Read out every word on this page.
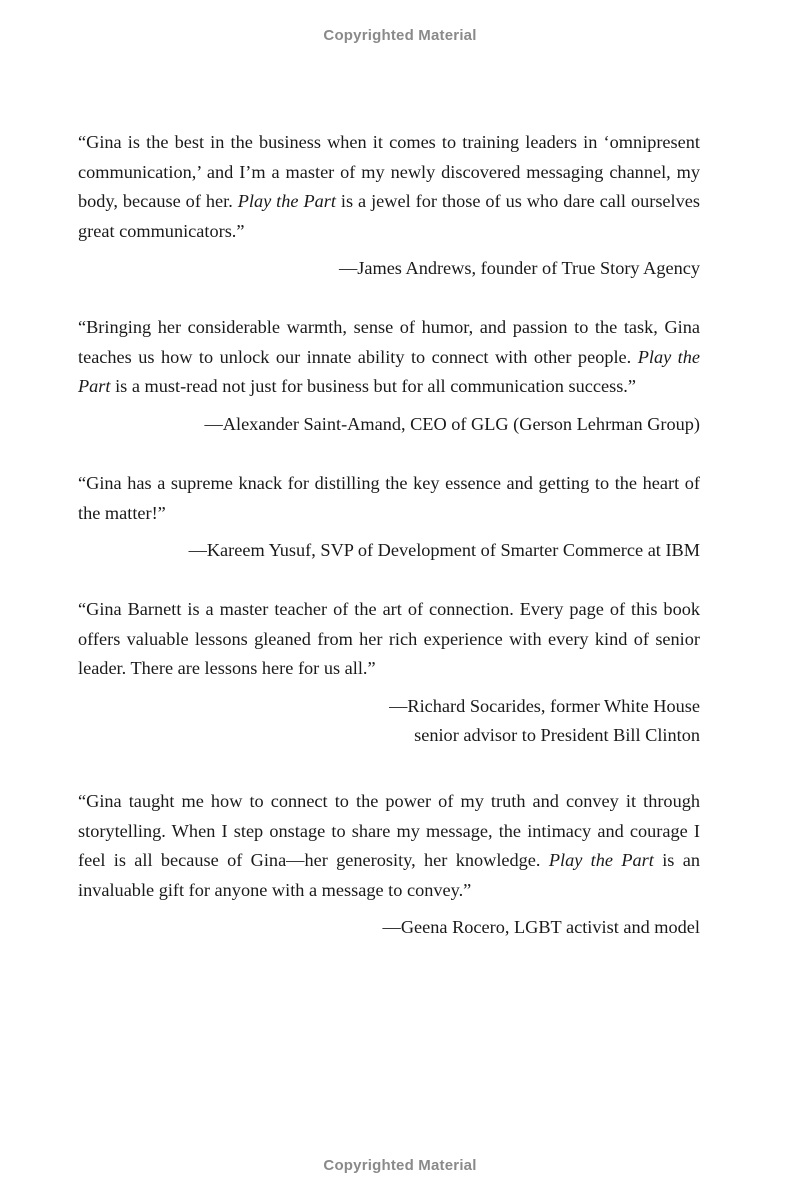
Copyrighted Material

“Gina is the best in the business when it comes to training leaders in ‘omnipresent communication,’ and I’m a master of my newly discovered messaging channel, my body, because of her. Play the Part is a jewel for those of us who dare call ourselves great communicators.”

—James Andrews, founder of True Story Agency

“Bringing her considerable warmth, sense of humor, and passion to the task, Gina teaches us how to unlock our innate ability to connect with other people. Play the Part is a must-read not just for business but for all communication success.”

—Alexander Saint-Amand, CEO of GLG (Gerson Lehrman Group)

“Gina has a supreme knack for distilling the key essence and getting to the heart of the matter!”

—Kareem Yusuf, SVP of Development of Smarter Commerce at IBM

“Gina Barnett is a master teacher of the art of connection. Every page of this book offers valuable lessons gleaned from her rich experience with every kind of senior leader. There are lessons here for us all.”

—Richard Socarides, former White House
senior advisor to President Bill Clinton

“Gina taught me how to connect to the power of my truth and convey it through storytelling. When I step onstage to share my message, the intimacy and courage I feel is all because of Gina—her generosity, her knowledge. Play the Part is an invaluable gift for anyone with a message to convey.”

—Geena Rocero, LGBT activist and model

Copyrighted Material
